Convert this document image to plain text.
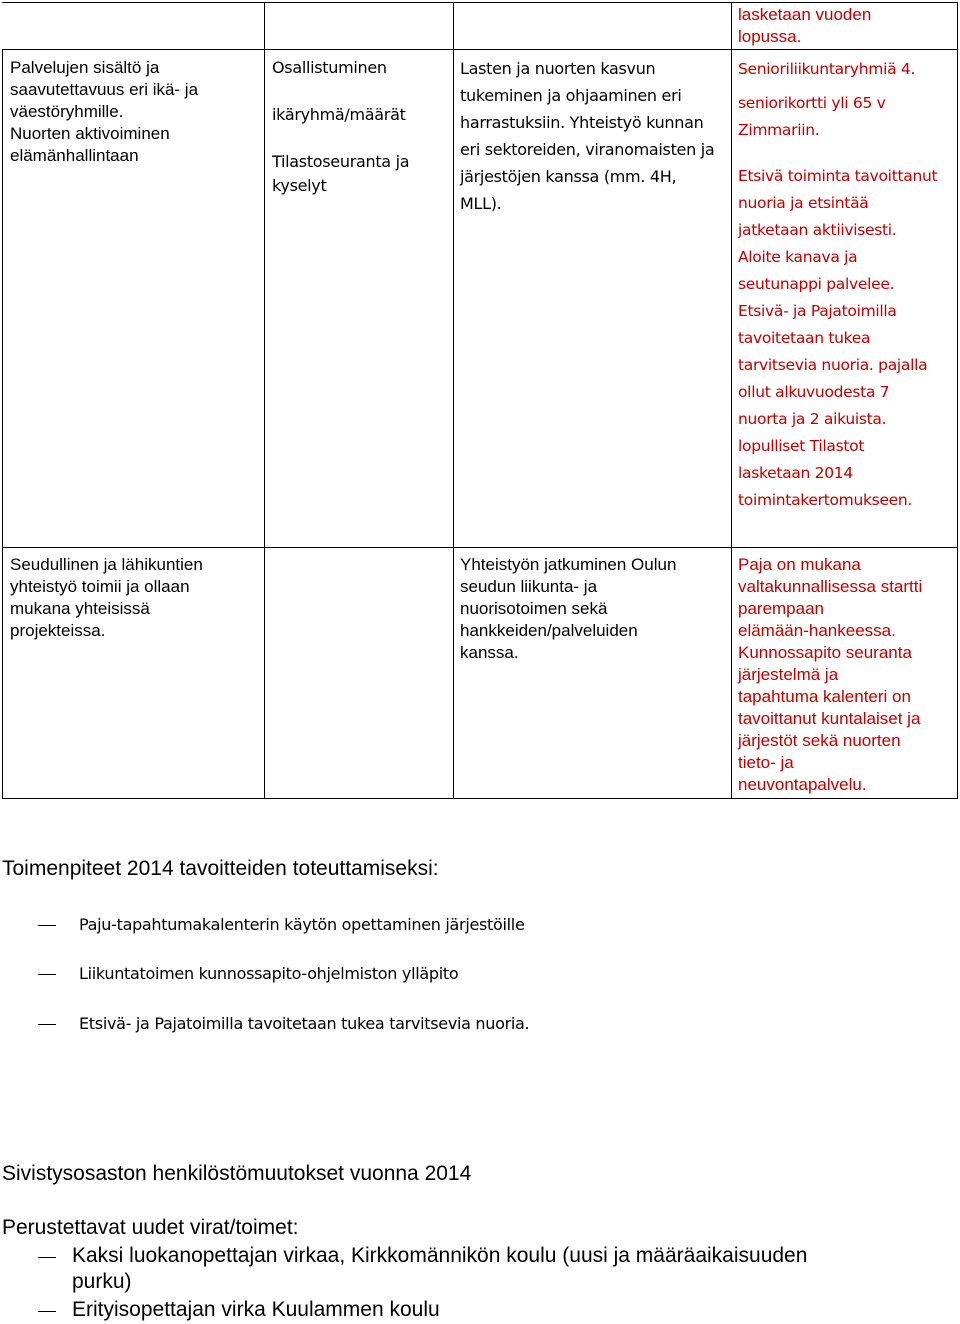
Palvelujen sisältö ja
saavutettavuus eri ikä- ja
väestöryhmille.
Nuorten aktivoiminen
elämänhallintaan
Osallistuminen
ikäryhmä/määrät
Tilastoseuranta ja
kyselyt
Lasten ja nuorten kasvun
tukeminen ja ohjaaminen eri
harrastuksiin. Yhteistyö kunnan
eri sektoreiden, viranomaisten ja
järjestöjen kanssa (mm. 4H,
MLL).
lasketaan vuoden
lopussa.
Senioriliikuntaryhmiä 4.
seniorikortti yli 65 v
Zimmariin.
Etsivä toiminta tavoittanut
nuoria ja etsintää
jatketaan aktiivisesti.
Aloite kanava ja
seutunappi palvelee.
Etsivä- ja Pajatoimilla
tavoitetaan tukea
tarvitsevia nuoria. pajalla
ollut alkuvuodesta 7
nuorta ja 2 aikuista.
lopulliset Tilastot
lasketaan 2014
toimintakertomukseen.
Seudullinen ja lähikuntien
yhteistyö toimii ja ollaan
mukana yhteisissä
projekteissa.
Yhteistyön jatkuminen Oulun
seudun liikunta- ja
nuorisotoimen sekä
hankkeiden/palveluiden
kanssa.
Paja on mukana
valtakunnallisessa startti
parempaan
elämään-hankeessa.
Kunnossapito seuranta
järjestelmä ja
tapahtuma kalenteri on
tavoittanut kuntalaiset ja
järjestöt sekä nuorten
tieto- ja
neuvontapalvelu.
Toimenpiteet 2014 tavoitteiden toteuttamiseksi:
Paju-tapahtumakalenterin käytön opettaminen järjestöille
Liikuntatoimen kunnossapito-ohjelmiston ylläpito
Etsivä- ja Pajatoimilla tavoitetaan tukea tarvitsevia nuoria.
Sivistysosaston henkilöstömuutokset vuonna 2014
Perustettavat uudet virat/toimet:
Kaksi luokanopettajan virkaa, Kirkkomännikön koulu (uusi ja määräaikaisuuden
purku)
Erityisopettajan virka Kuulammen koulu
